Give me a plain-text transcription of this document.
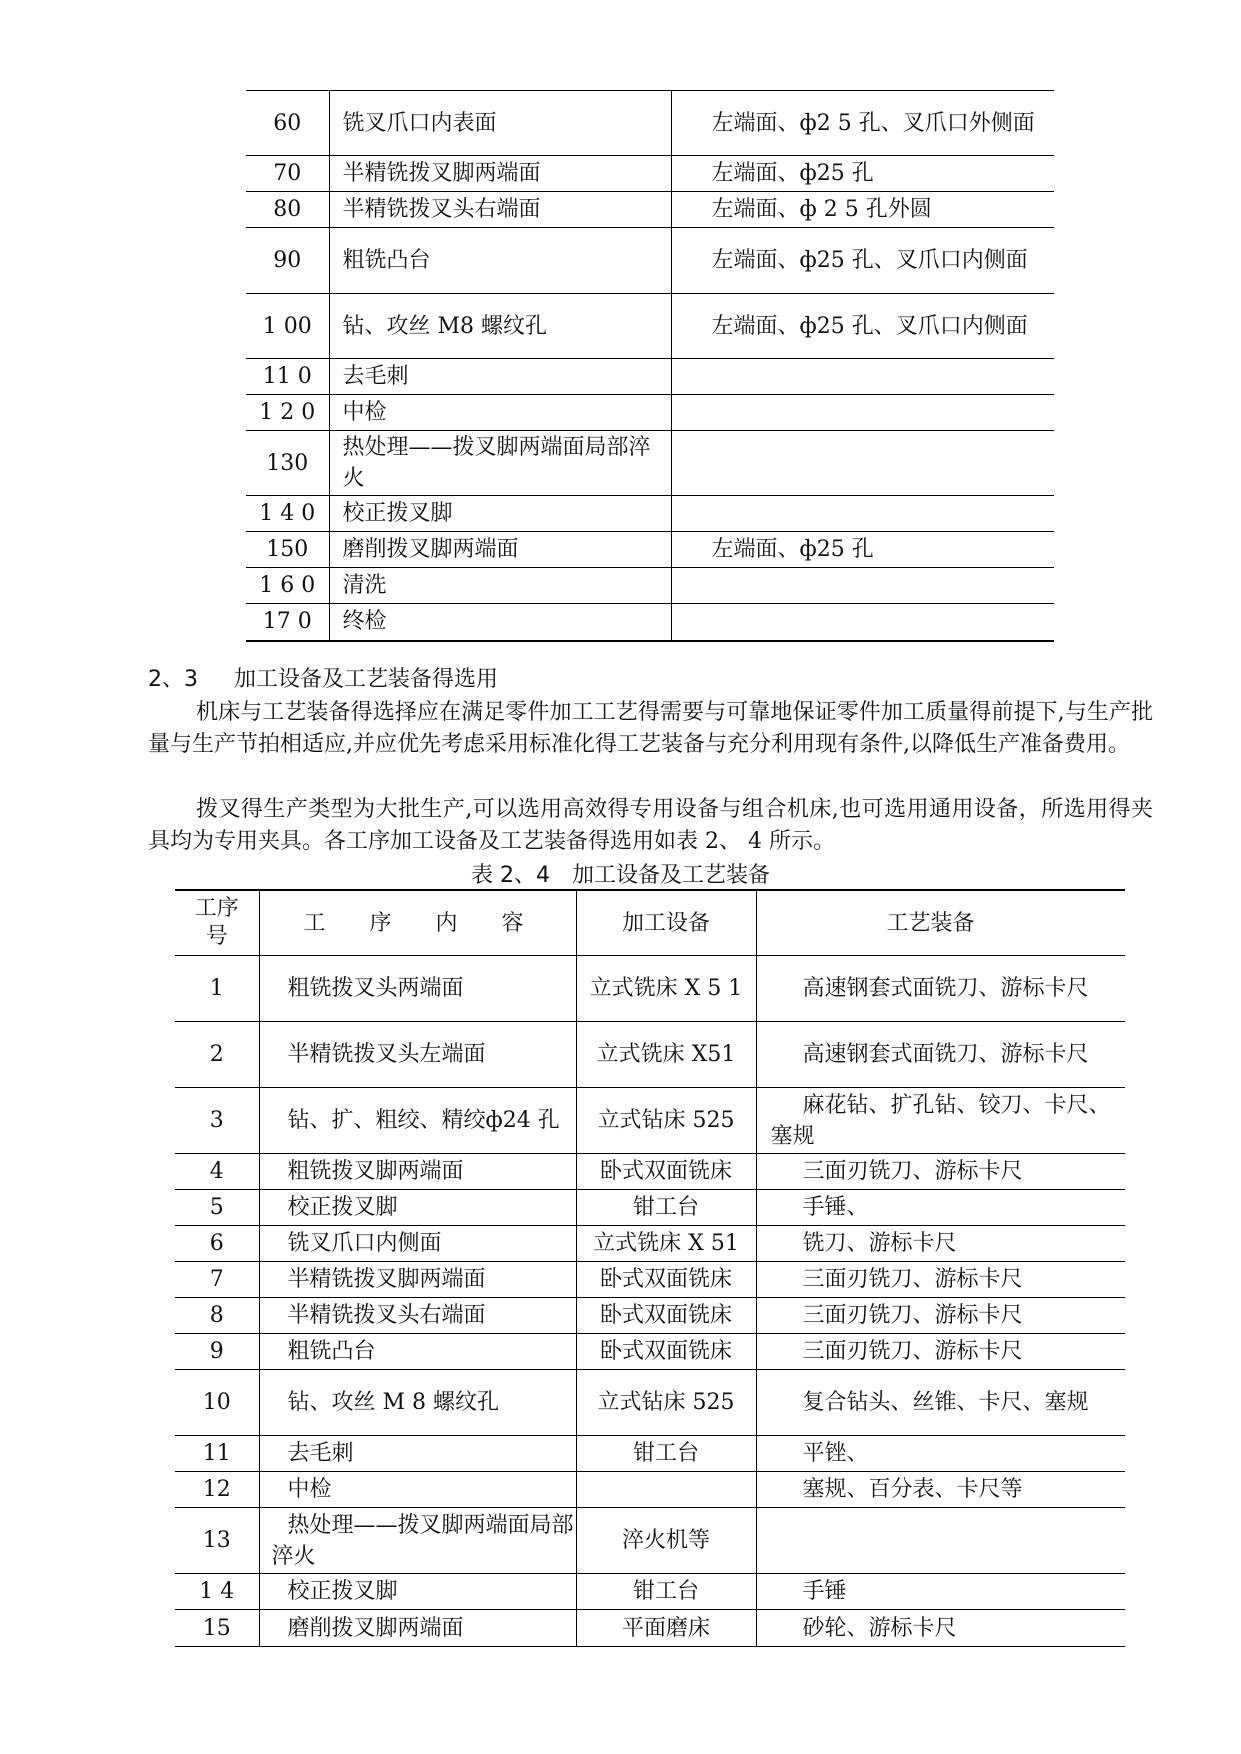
60	铣叉爪口内表面	左端面、ф2 5 孔、叉爪口外侧面
70	半精铣拨叉脚两端面	左端面、ф25 孔
80	半精铣拨叉头右端面	左端面、ф 2 5 孔外圆
90	粗铣凸台	左端面、ф25 孔、叉爪口内侧面
1 00	钻、攻丝 M8 螺纹孔	左端面、ф25 孔、叉爪口内侧面
11 0	去毛刺	
1 2 0	中检	
130	热处理——拨叉脚两端面局部淬火	
1 4 0	校正拨叉脚	
150	磨削拨叉脚两端面	左端面、ф25 孔
1 6 0	清洗	
17 0	终检	
2、3 加工设备及工艺装备得选用
机床与工艺装备得选择应在满足零件加工工艺得需要与可靠地保证零件加工质量得前提下,与生产批量与生产节拍相适应,并应优先考虑采用标准化得工艺装备与充分利用现有条件,以降低生产准备费用。
拨叉得生产类型为大批生产,可以选用高效得专用设备与组合机床,也可选用通用设备，所选用得夹具均为专用夹具。各工序加工设备及工艺装备得选用如表 2、 4 所示。
表 2、4　加工设备及工艺装备
工序号	工　　序　　内　　容	加工设备	工艺装备
1	粗铣拨叉头两端面	立式铣床 X 5 1	高速钢套式面铣刀、游标卡尺
2	半精铣拨叉头左端面	立式铣床 X51	高速钢套式面铣刀、游标卡尺
3	钻、扩、粗绞、精绞ф24 孔	立式钻床 525	麻花钻、扩孔钻、铰刀、卡尺、塞规
4	粗铣拨叉脚两端面	卧式双面铣床	三面刃铣刀、游标卡尺
5	校正拨叉脚	钳工台	手锤、
6	铣叉爪口内侧面	立式铣床 X 51	铣刀、游标卡尺
7	半精铣拨叉脚两端面	卧式双面铣床	三面刃铣刀、游标卡尺
8	半精铣拨叉头右端面	卧式双面铣床	三面刃铣刀、游标卡尺
9	粗铣凸台	卧式双面铣床	三面刃铣刀、游标卡尺
10	钻、攻丝 M 8 螺纹孔	立式钻床 525	复合钻头、丝锥、卡尺、塞规
11	去毛刺	钳工台	平锉、
12	中检		塞规、百分表、卡尺等
13	热处理——拨叉脚两端面局部淬火	淬火机等	
1 4	校正拨叉脚	钳工台	手锤
15	磨削拨叉脚两端面	平面磨床	砂轮、游标卡尺
